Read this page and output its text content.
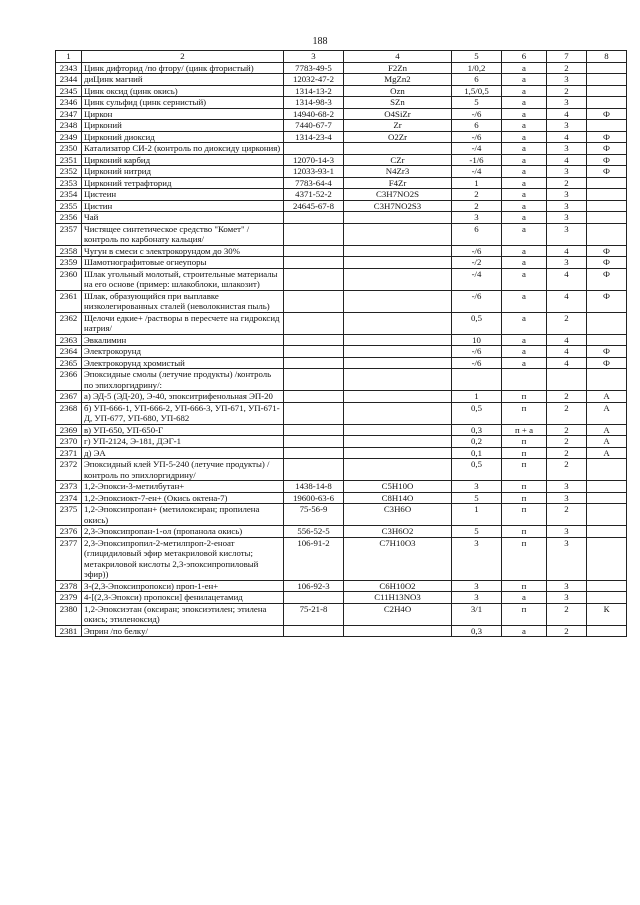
188
1	2	3	4	5	6	7	8
2343	Цинк дифторид /по фтору/ (цинк фтористый)	7783-49-5	F2Zn	1/0,2	а	2	
2344	диЦинк магний	12032-47-2	MgZn2	6	а	3	
2345	Цинк оксид (цинк окись)	1314-13-2	Ozn	1,5/0,5	а	2	
2346	Цинк сульфид (цинк сернистый)	1314-98-3	SZn	5	а	3	
2347	Циркон	14940-68-2	O4SiZr	-/6	а	4	Ф
2348	Цирконий	7440-67-7	Zr	6	а	3	
2349	Цирконий диоксид	1314-23-4	O2Zr	-/6	а	4	Ф
2350	Катализатор СИ-2 (контроль по диоксиду циркония)			-/4	а	3	Ф
2351	Цирконий карбид	12070-14-3	CZr	-1/6	а	4	Ф
2352	Цирконий нитрид	12033-93-1	N4Zr3	-/4	а	3	Ф
2353	Цирконий тетрафторид	7783-64-4	F4Zr	1	а	2	
2354	Цистеин	4371-52-2	C3H7NO2S	2	а	3	
2355	Цистин	24645-67-8	C3H7NO2S3	2	а	3	
2356	Чай			3	а	3	
2357	Чистящее синтетическое средство "Комет" /контроль по карбонату кальция/			6	а	3	
2358	Чугун в смеси с электрокорундом до 30%			-/6	а	4	Ф
2359	Шамотнографитовые огнеупоры			-/2	а	3	Ф
2360	Шлак угольный молотый, строительные материалы на его основе (пример: шлакоблоки, шлакозит)			-/4	а	4	Ф
2361	Шлак, образующийся при выплавке низколегированных сталей (неволокнистая пыль)			-/6	а	4	Ф
2362	Щелочи едкие+ /растворы в пересчете на гидроксид натрия/			0,5	а	2	
2363	Эвкалимин			10	а	4	
2364	Электрокорунд			-/6	а	4	Ф
2365	Электрокорунд хромистый			-/6	а	4	Ф
2366	Эпоксидные смолы (летучие продукты) /контроль по эпихлоргидрину/:						
2367	а) ЭД-5 (ЭД-20), Э-40, эпокситрифенольная ЭП-20			1	п	2	А
2368	б) УП-666-1, УП-666-2, УП-666-3, УП-671, УП-671-Д, УП-677, УП-680, УП-682			0,5	п	2	А
2369	в) УП-650, УП-650-Г			0,3	п + а	2	А
2370	г) УП-2124, Э-181, ДЭГ-1			0,2	п	2	А
2371	д) ЭА			0,1	п	2	А
2372	Эпоксидный клей УП-5-240 (летучие продукты) /контроль по эпихлоргидрину/			0,5	п	2	
2373	1,2-Эпокси-3-метилбутан+	1438-14-8	C5H10O	3	п	3	
2374	1,2-Эпоксиокт-7-ен+ (Окись октена-7)	19600-63-6	C8H14O	5	п	3	
2375	1,2-Эпоксипропан+ (метилоксиран; пропилена окись)	75-56-9	C3H6O	1	п	2	
2376	2,3-Эпоксипропан-1-ол (пропанола окись)	556-52-5	C3H6O2	5	п	3	
2377	2,3-Эпоксипропил-2-метилпроп-2-еноат (глицидиловый эфир метакриловой кислоты; метакриловой кислоты 2,3-эпоксипропиловый эфир))	106-91-2	C7H10O3	3	п	3	
2378	3-(2,3-Эпоксипропокси) проп-1-ен+	106-92-3	C6H10O2	3	п	3	
2379	4-[(2,3-Эпокси) пропокси] фенилацетамид		C11H13NO3	3	а	3	
2380	1,2-Эпоксиэтан (оксиран; эпоксиэтилен; этилена окись; этиленоксид)	75-21-8	C2H4O	3/1	п	2	К
2381	Эприн /по белку/			0,3	а	2	
